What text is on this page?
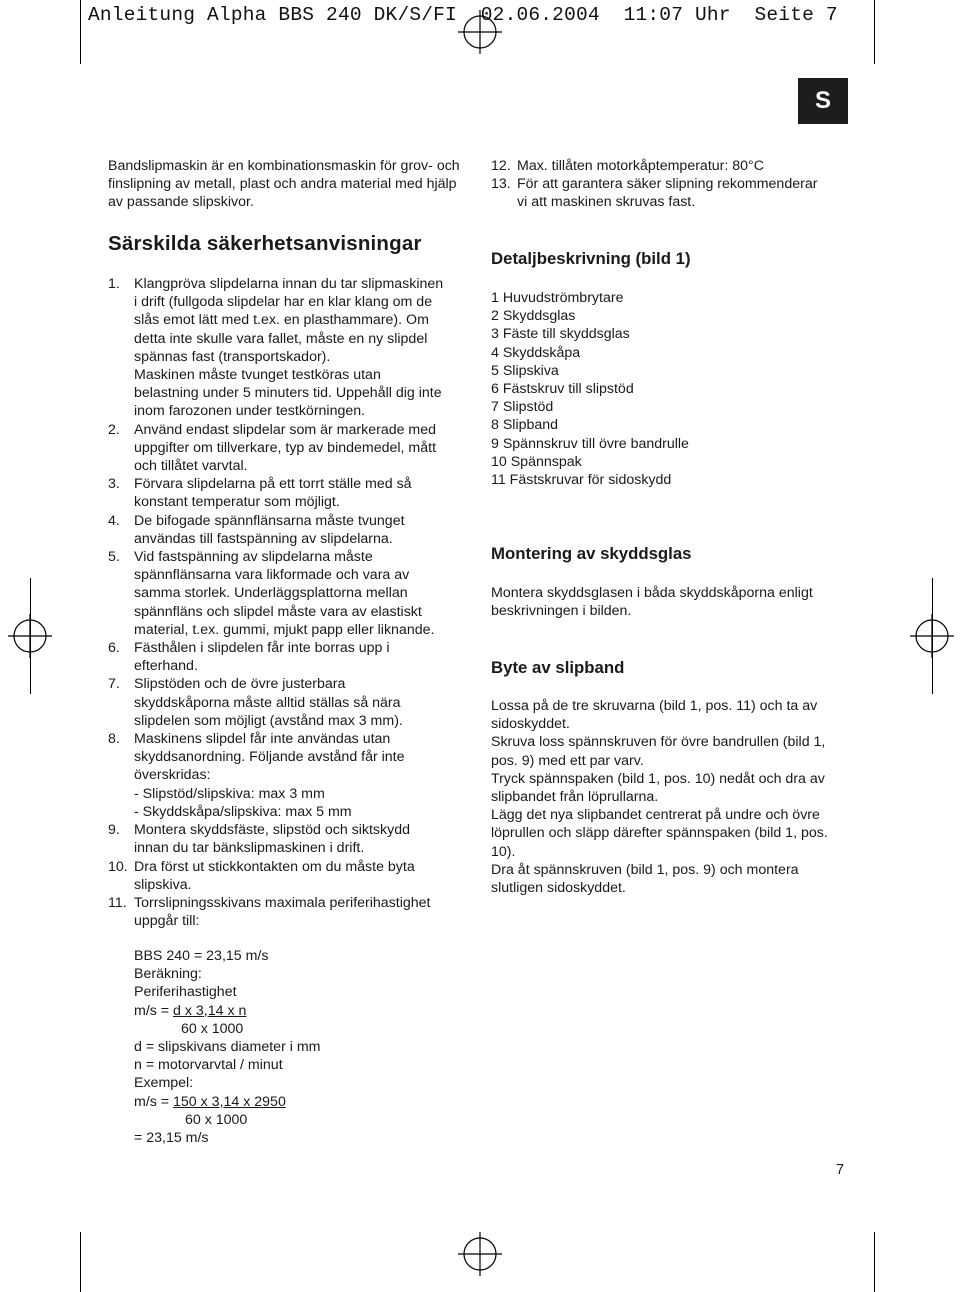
Anleitung Alpha BBS 240 DK/S/FI  02.06.2004  11:07 Uhr  Seite 7
S
Bandslipmaskin är en kombinationsmaskin för grov- och finslipning av metall, plast och andra material med hjälp av passande slipskivor.
Särskilda säkerhetsanvisningar
1. Klangpröva slipdelarna innan du tar slipmaskinen
i drift (fullgoda slipdelar har en klar klang om de
slås emot lätt med t.ex. en plasthammare). Om
detta inte skulle vara fallet, måste en ny slipdel
spännas fast (transportskador).
Maskinen måste tvunget testköras utan
belastning under 5 minuters tid. Uppehåll dig inte
inom farozonen under testkörningen.
2. Använd endast slipdelar som är markerade med
uppgifter om tillverkare, typ av bindemedel, mått
och tillåtet varvtal.
3. Förvara slipdelarna på ett torrt ställe med så
konstant temperatur som möjligt.
4. De bifogade spännflänsarna måste tvunget
användas till fastspänning av slipdelarna.
5. Vid fastspänning av slipdelarna måste
spännflänsarna vara likformade och vara av
samma storlek. Underläggsplattorna mellan
spännfläns och slipdel måste vara av elastiskt
material, t.ex. gummi, mjukt papp eller liknande.
6. Fästhålen i slipdelen får inte borras upp i
efterhand.
7. Slipstöden och de övre justerbara
skyddskåporna måste alltid ställas så nära
slipdelen som möjligt (avstånd max 3 mm).
8. Maskinens slipdel får inte användas utan
skyddsanordning. Följande avstånd får inte
överskridas:
- Slipstöd/slipskiva: max 3 mm
- Skyddskåpa/slipskiva: max 5 mm
9. Montera skyddsfäste, slipstöd och siktskydd
innan du tar bänkslipmaskinen i drift.
10. Dra först ut stickkontakten om du måste byta
slipskiva.
11. Torrslipningsskivans maximala periferihastighet
uppgår till:
BBS 240 = 23,15 m/s
Beräkning:
Periferihastighet
m/s = d x 3,14 x n
60 x 1000
d = slipskivans diameter i mm
n = motorvarvtal / minut
Exempel:
m/s = 150 x 3,14 x 2950
60 x 1000
= 23,15 m/s
12. Max. tillåten motorkåptemperatur: 80°C
13. För att garantera säker slipning rekommenderar
vi att maskinen skruvas fast.
Detaljbeskrivning (bild 1)
1 Huvudströmbrytare
2 Skyddsglas
3 Fäste till skyddsglas
4 Skyddskåpa
5 Slipskiva
6 Fästskruv till slipstöd
7 Slipstöd
8 Slipband
9 Spännskruv till övre bandrulle
10 Spännspak
11 Fästskruvar för sidoskydd
Montering av skyddsglas
Montera skyddsglasen i båda skyddskåporna enligt beskrivningen i bilden.
Byte av slipband
Lossa på de tre skruvarna (bild 1, pos. 11) och ta av sidoskyddet.
Skruva loss spännskruven för övre bandrullen (bild 1, pos. 9) med ett par varv.
Tryck spännspaken (bild 1, pos. 10) nedåt och dra av slipbandet från löprullarna.
Lägg det nya slipbandet centrerat på undre och övre löprullen och släpp därefter spännspaken (bild 1, pos. 10).
Dra åt spännskruven (bild 1, pos. 9) och montera slutligen sidoskyddet.
7
